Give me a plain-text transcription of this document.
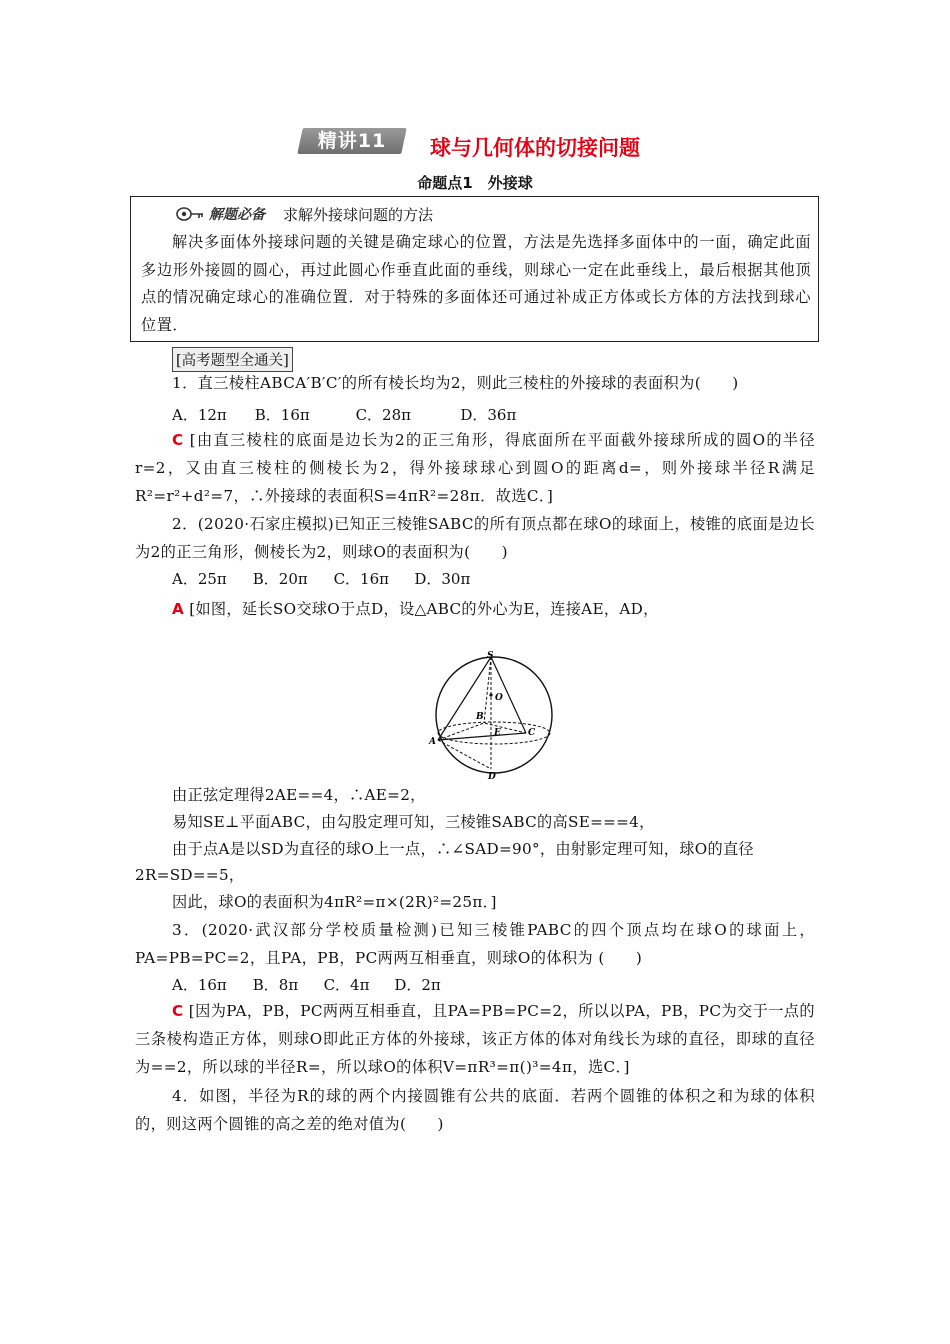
精讲11	球与几何体的切接问题
命题点1　外接球
解题必备 求解外接球问题的方法
解决多面体外接球问题的关键是确定球心的位置，方法是先选择多面体中的一面，确定此面多边形外接圆的圆心，再过此圆心作垂直此面的垂线，则球心一定在此垂线上，最后根据其他顶点的情况确定球心的准确位置．对于特殊的多面体还可通过补成正方体或长方体的方法找到球心位置．
[高考题型全通关]
1．直三棱柱ABCA′B′C′的所有棱长均为2，则此三棱柱的外接球的表面积为(　　)
A．12π B．16π	C．28π	D．36π
C [由直三棱柱的底面是边长为2的正三角形，得底面所在平面截外接球所成的圆O的半径r=2，又由直三棱柱的侧棱长为2，得外接球球心到圆O的距离d=，则外接球半径R满足R²=r²+d²=7，∴外接球的表面积S=4πR²=28π．故选C．]
2．(2020·石家庄模拟)已知正三棱锥SABC的所有顶点都在球O的球面上，棱锥的底面是边长为2的正三角形，侧棱长为2，则球O的表面积为(　　)
A．25π B．20π C．16π D．30π
A [如图，延长SO交球O于点D，设△ABC的外心为E，连接AE，AD，
S
O
B
E	C
A
D
由正弦定理得2AE==4，∴AE=2，
易知SE⊥平面ABC，由勾股定理可知，三棱锥SABC的高SE===4，
由于点A是以SD为直径的球O上一点，∴∠SAD=90°，由射影定理可知，球O的直径
2R=SD==5，
因此，球O的表面积为4πR²=π×(2R)²=25π．]
3．(2020·武汉部分学校质量检测)已知三棱锥PABC的四个顶点均在球O的球面上，PA=PB=PC=2，且PA，PB，PC两两互相垂直，则球O的体积为 (　　)
A．16π B．8π C．4π D．2π
C [因为PA，PB，PC两两互相垂直，且PA=PB=PC=2，所以以PA，PB，PC为交于一点的三条棱构造正方体，则球O即此正方体的外接球，该正方体的体对角线长为球的直径，即球的直径为==2，所以球的半径R=，所以球O的体积V=πR³=π()³=4π，选C．]
4．如图，半径为R的球的两个内接圆锥有公共的底面．若两个圆锥的体积之和为球的体积的，则这两个圆锥的高之差的绝对值为(　　)
